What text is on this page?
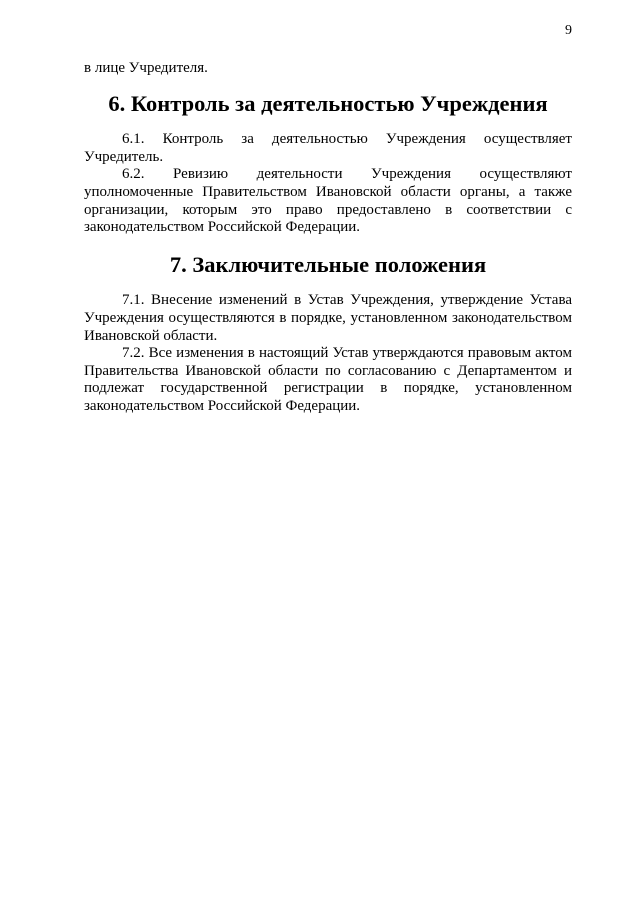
9

в лице Учредителя.

6. Контроль за деятельностью Учреждения

6.1. Контроль за деятельностью Учреждения осуществляет Учредитель.

6.2. Ревизию деятельности Учреждения осуществляют уполномоченные Правительством Ивановской области органы, а также организации, которым это право предоставлено в соответствии с законодательством Российской Федерации.

7. Заключительные положения

7.1. Внесение изменений в Устав Учреждения, утверждение Устава Учреждения осуществляются в порядке, установленном законодательством Ивановской области.

7.2. Все изменения в настоящий Устав утверждаются правовым актом Правительства Ивановской области по согласованию с Департаментом и подлежат государственной регистрации в порядке, установленном законодательством Российской Федерации.
